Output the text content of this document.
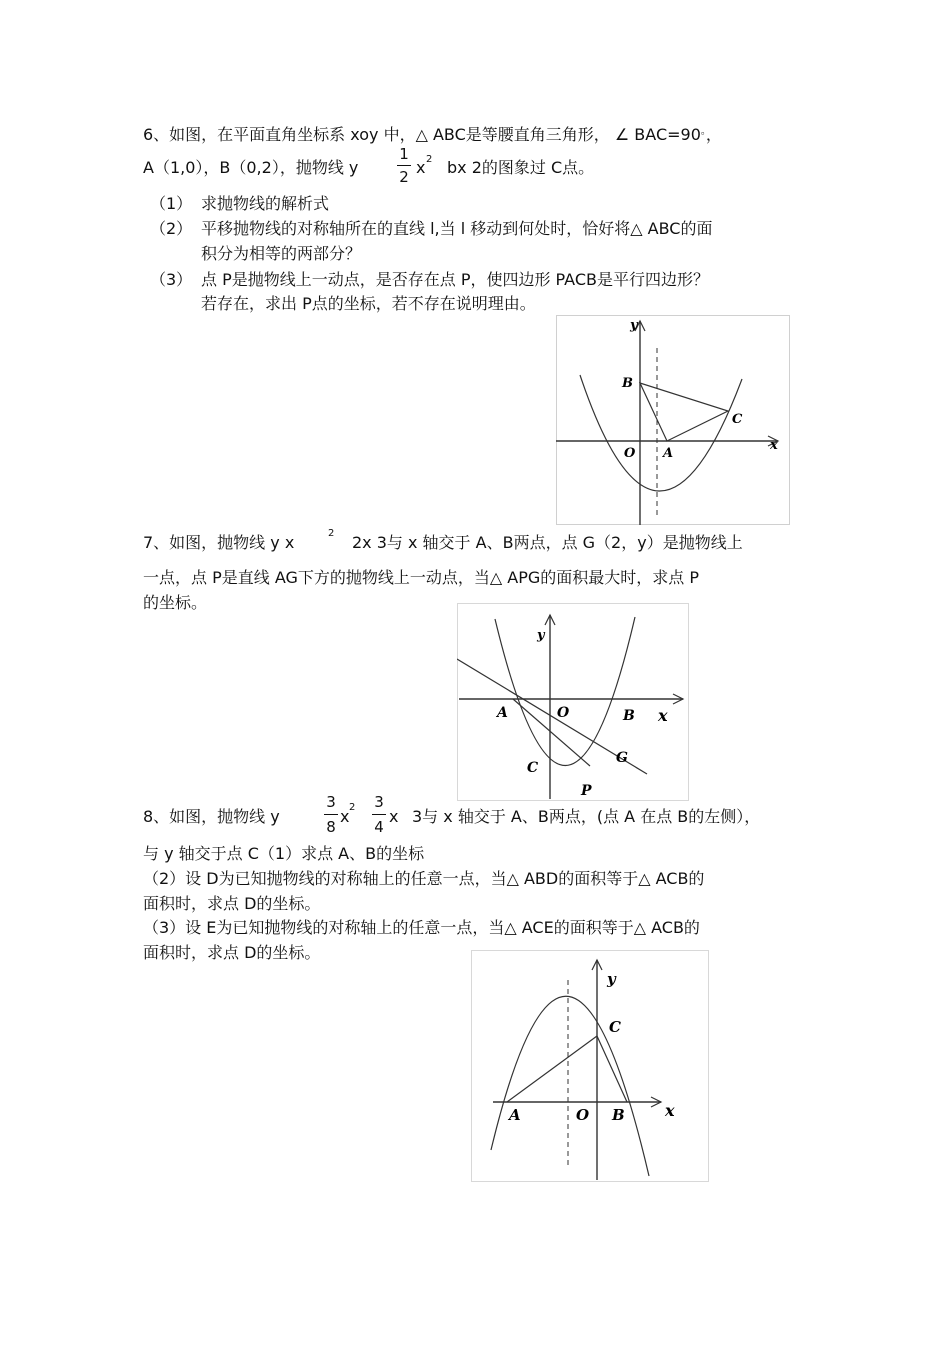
6、如图，在平面直角坐标系 xoy 中，△ ABC是等腰直角三角形， ∠ BAC=90。，
A（1,0），B（0,2），抛物线 y
1
2 x 2 bx 2的图象过 C点。
（1） 求抛物线的解析式
（2） 平移抛物线的对称轴所在的直线 l,当 l 移动到何处时，恰好将△ ABC的面
积分为相等的两部分？
（3） 点 P是抛物线上一动点，是否存在点 P，使四边形 PACB是平行四边形？
若存在，求出 P点的坐标，若不存在说明理由。
y
x
B
C
O A
7、如图，抛物线 y x	2 2x 3与 x 轴交于 A、B两点，点 G（2，y）是抛物线上
一点，点 P是直线 AG下方的抛物线上一动点，当△ APG的面积最大时，求点 P
的坐标。
y
A	O	B x
C
G
P
8、如图，抛物线 y
3
8
x 2 3
4
x 3与 x 轴交于 A、B两点，(点 A 在点 B的左侧），
与 y 轴交于点 C（1）求点 A、B的坐标
（2）设 D为已知抛物线的对称轴上的任意一点，当△ ABD的面积等于△ ACB的
面积时，求点 D的坐标。
（3）设 E为已知抛物线的对称轴上的任意一点，当△ ACE的面积等于△ ACB的
面积时，求点 D的坐标。
y
C
A	O B	x
